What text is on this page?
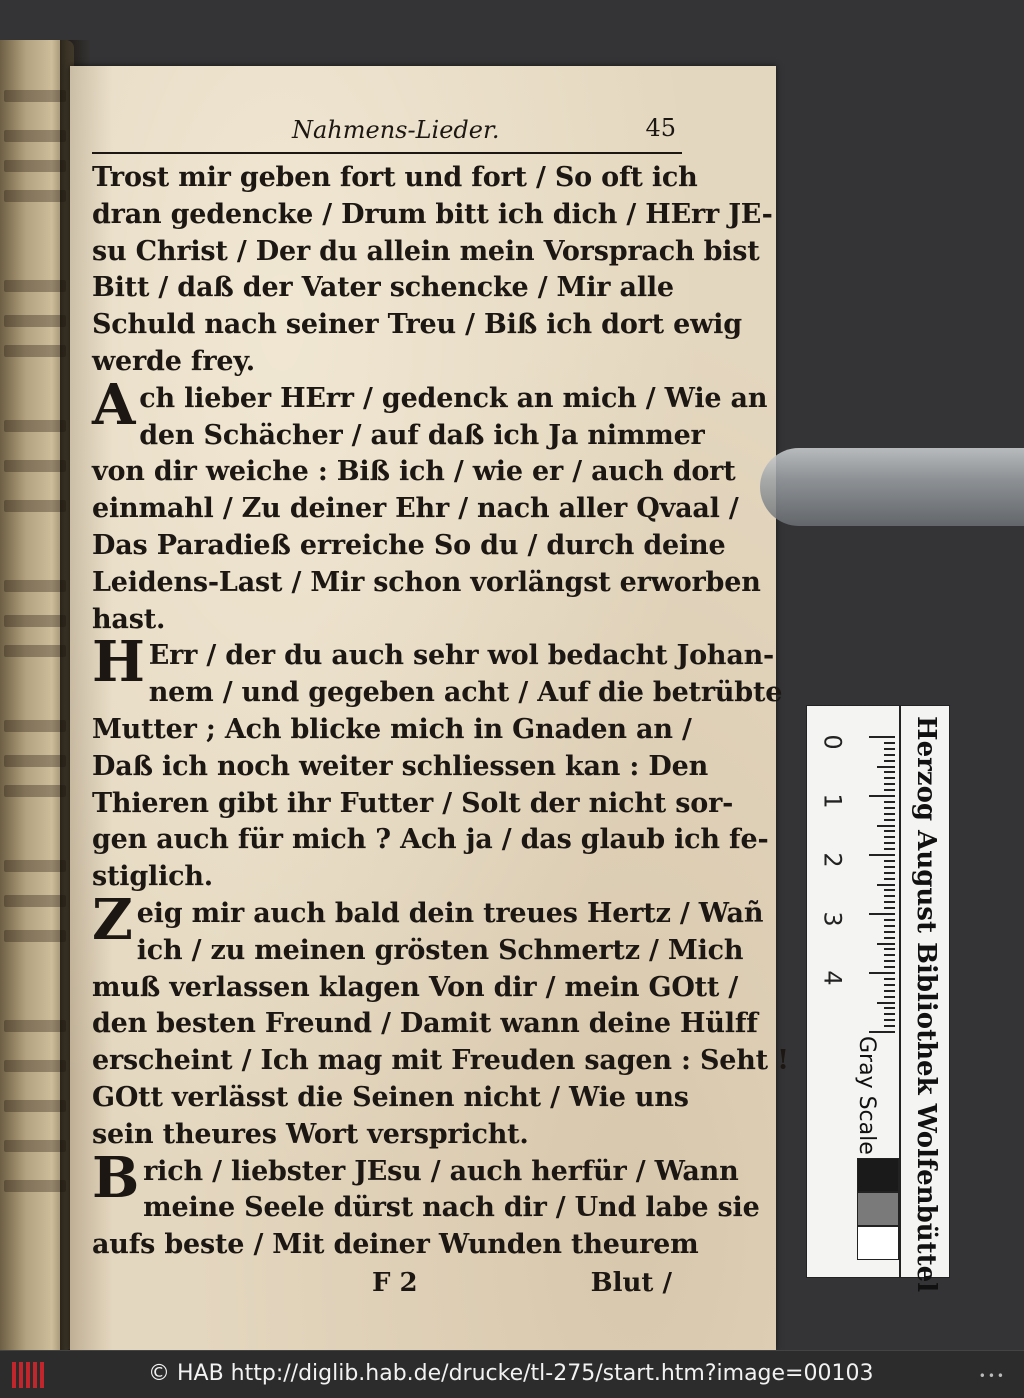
Nahmens-Lieder.	45
Trost mir geben fort und fort / So oft ich
dran gedencke / Drum bitt ich dich / HErr JE-
su Christ / Der du allein mein Vorsprach bist
Bitt / daß der Vater schencke / Mir alle
Schuld nach seiner Treu / Biß ich dort ewig
werde frey.
Ach lieber HErr / gedenck an mich / Wie an
den Schächer / auf daß ich Ja nimmer
von dir weiche : Biß ich / wie er / auch dort
einmahl / Zu deiner Ehr / nach aller Qvaal /
Das Paradieß erreiche So du / durch deine
Leidens-Last / Mir schon vorlängst erworben
hast.
H Err / der du auch sehr wol bedacht Johan-
nem / und gegeben acht / Auf die betrübte
Mutter ; Ach blicke mich in Gnaden an /
Daß ich noch weiter schliessen kan : Den
Thieren gibt ihr Futter / Solt der nicht sor-
gen auch für mich ? Ach ja / das glaub ich fe-
stiglich.
Zeig mir auch bald dein treues Hertz / Wañ
ich / zu meinen grösten Schmertz / Mich
muß verlassen klagen Von dir / mein GOtt /
den besten Freund / Damit wann deine Hülff
erscheint / Ich mag mit Freuden sagen : Seht !
GOtt verlässt die Seinen nicht / Wie uns
sein theures Wort verspricht.
Brich / liebster JEsu / auch herfür / Wann
meine Seele dürst nach dir / Und labe sie
aufs beste / Mit deiner Wunden theurem
F 2	Blut /
0
1
2
3
4
Gray Scale Herzog August Bibliothek Wolfenbüttel
© HAB http://diglib.hab.de/drucke/tl-275/start.htm?image=00103	•••
